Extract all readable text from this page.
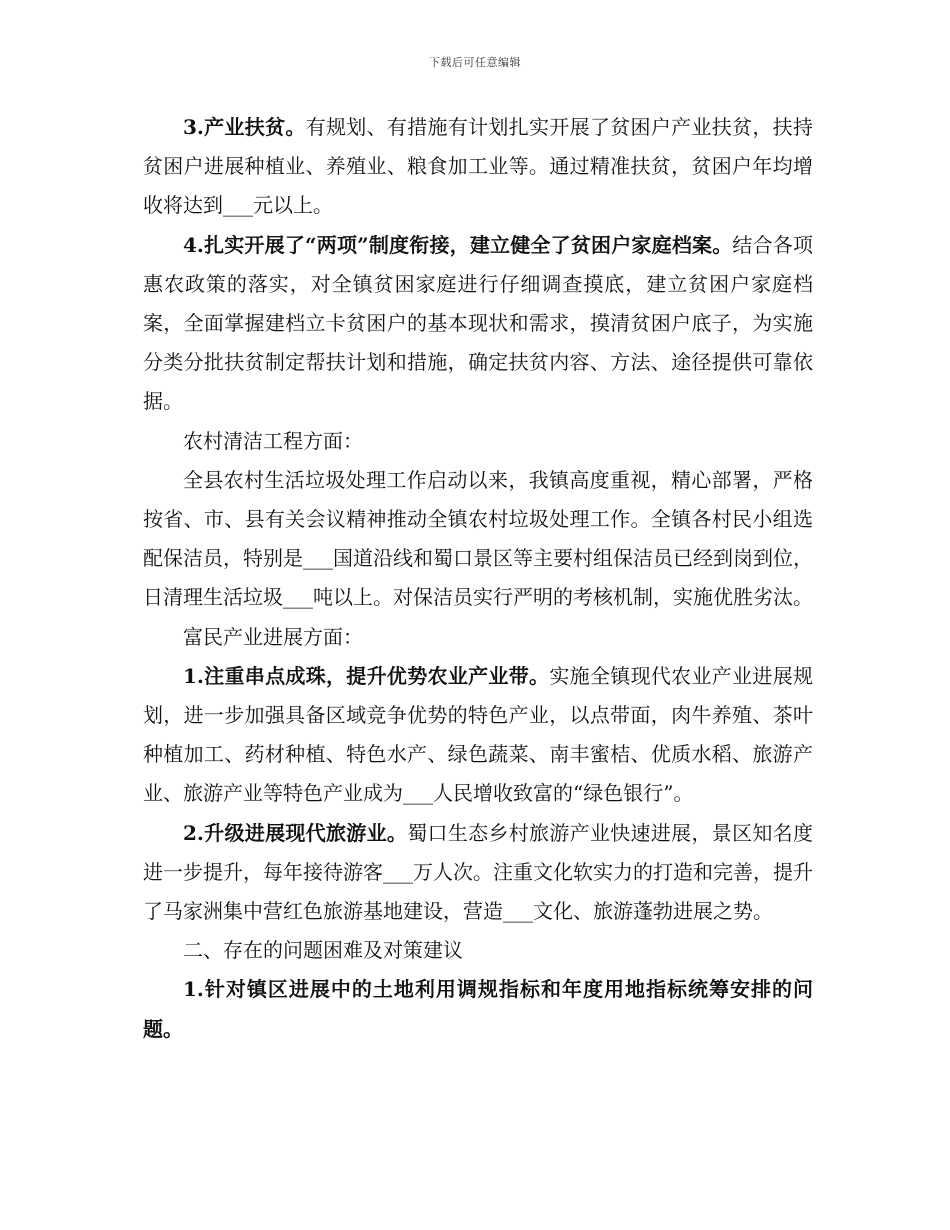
下载后可任意编辑

3.产业扶贫。有规划、有措施有计划扎实开展了贫困户产业扶贫，扶持贫困户进展种植业、养殖业、粮食加工业等。通过精准扶贫，贫困户年均增收将达到___元以上。

4.扎实开展了“两项”制度衔接，建立健全了贫困户家庭档案。结合各项惠农政策的落实，对全镇贫困家庭进行仔细调查摸底，建立贫困户家庭档案，全面掌握建档立卡贫困户的基本现状和需求，摸清贫困户底子，为实施分类分批扶贫制定帮扶计划和措施，确定扶贫内容、方法、途径提供可靠依据。

农村清洁工程方面：

全县农村生活垃圾处理工作启动以来，我镇高度重视，精心部署，严格按省、市、县有关会议精神推动全镇农村垃圾处理工作。全镇各村民小组选配保洁员，特别是___国道沿线和蜀口景区等主要村组保洁员已经到岗到位，日清理生活垃圾___吨以上。对保洁员实行严明的考核机制，实施优胜劣汰。

富民产业进展方面：

1.注重串点成珠，提升优势农业产业带。实施全镇现代农业产业进展规划，进一步加强具备区域竞争优势的特色产业，以点带面，肉牛养殖、茶叶种植加工、药材种植、特色水产、绿色蔬菜、南丰蜜桔、优质水稻、旅游产业、旅游产业等特色产业成为___人民增收致富的“绿色银行”。

2.升级进展现代旅游业。蜀口生态乡村旅游产业快速进展，景区知名度进一步提升，每年接待游客___万人次。注重文化软实力的打造和完善，提升了马家洲集中营红色旅游基地建设，营造___文化、旅游蓬勃进展之势。

二、存在的问题困难及对策建议

1.针对镇区进展中的土地利用调规指标和年度用地指标统筹安排的问题。
